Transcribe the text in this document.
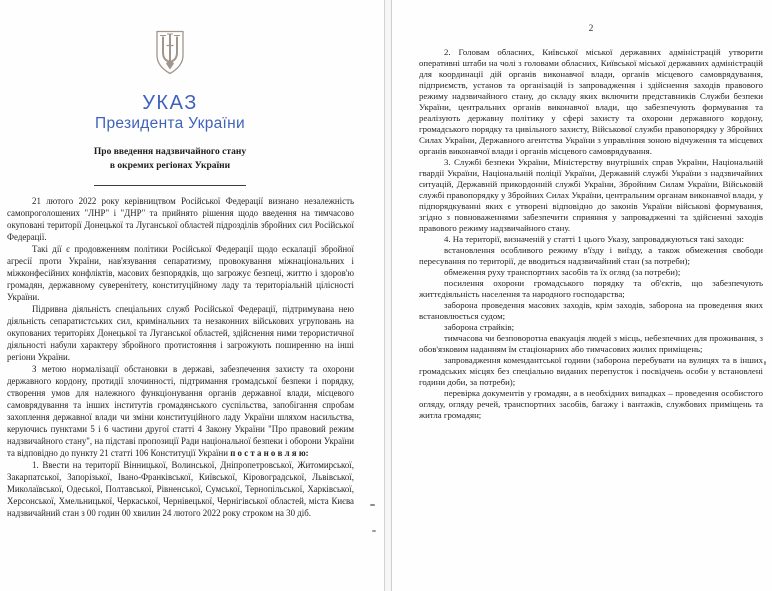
УКАЗ
Президента України
Про введення надзвичайного стану
в окремих регіонах України

21 лютого 2022 року керівництвом Російської Федерації визнано незалежність самопроголошених "ЛНР" і "ДНР" та прийнято рішення щодо введення на тимчасово окуповані території Донецької та Луганської областей підрозділів збройних сил Російської Федерації.

Такі дії є продовженням політики Російської Федерації щодо ескалації збройної агресії проти України, нав'язування сепаратизму, провокування міжнаціональних і міжконфесійних конфліктів, масових безпорядків, що загрожує безпеці, життю і здоров'ю громадян, державному суверенітету, конституційному ладу та територіальній цілісності України.

Підривна діяльність спеціальних служб Російської Федерації, підтримувана нею діяльність сепаратистських сил, кримінальних та незаконних військових угруповань на окупованих територіях Донецької та Луганської областей, здійснення ними терористичної діяльності набули характеру збройного протистояння і загрожують поширенню на інші регіони України.

З метою нормалізації обстановки в державі, забезпечення захисту та охорони державного кордону, протидії злочинності, підтримання громадської безпеки і порядку, створення умов для належного функціонування органів державної влади, місцевого самоврядування та інших інститутів громадянського суспільства, запобігання спробам захоплення державної влади чи зміни конституційного ладу України шляхом насильства, керуючись пунктами 5 і 6 частини другої статті 4 Закону України "Про правовий режим надзвичайного стану", на підставі пропозиції Ради національної безпеки і оборони України та відповідно до пункту 21 статті 106 Конституції України п о с т а н о в л я ю:

1. Ввести на території Вінницької, Волинської, Дніпропетровської, Житомирської, Закарпатської, Запорізької, Івано-Франківської, Київської, Кіровоградської, Львівської, Миколаївської, Одеської, Полтавської, Рівненської, Сумської, Тернопільської, Харківської, Херсонської, Хмельницької, Черкаської, Чернівецької, Чернігівської областей, міста Києва надзвичайний стан з 00 годин 00 хвилин 24 лютого 2022 року строком на 30 діб.

2

2. Головам обласних, Київської міської державних адміністрацій утворити оперативні штаби на чолі з головами обласних, Київської міської державних адміністрацій для координації дій органів виконавчої влади, органів місцевого самоврядування, підприємств, установ та організацій із запровадження і здійснення заходів правового режиму надзвичайного стану, до складу яких включити представників Служби безпеки України, центральних органів виконавчої влади, що забезпечують формування та реалізують державну політику у сфері захисту та охорони державного кордону, громадського порядку та цивільного захисту, Військової служби правопорядку у Збройних Силах України, Державного агентства України з управління зоною відчуження та місцевих органів виконавчої влади і органів місцевого самоврядування.

3. Службі безпеки України, Міністерству внутрішніх справ України, Національній гвардії України, Національній поліції України, Державній службі України з надзвичайних ситуацій, Державній прикордонній службі України, Збройним Силам України, Військовій службі правопорядку у Збройних Силах України, центральним органам виконавчої влади, у підпорядкуванні яких є утворені відповідно до законів України військові формування, згідно з повноваженнями забезпечити сприяння у запровадженні та здійсненні заходів правового режиму надзвичайного стану.

4. На території, визначеній у статті 1 цього Указу, запроваджуються такі заходи:

встановлення особливого режиму в'їзду і виїзду, а також обмеження свободи пересування по території, де вводиться надзвичайний стан (за потреби);

обмеження руху транспортних засобів та їх огляд (за потреби);

посилення охорони громадського порядку та об'єктів, що забезпечують життєдіяльність населення та народного господарства;

заборона проведення масових заходів, крім заходів, заборона на проведення яких встановлюється судом;

заборона страйків;

тимчасова чи безповоротна евакуація людей з місць, небезпечних для проживання, з обов'язковим наданням їм стаціонарних або тимчасових жилих приміщень;

запровадження комендантської години (заборона перебувати на вулицях та в інших громадських місцях без спеціально виданих перепусток і посвідчень особи у встановлені години доби, за потреби);

перевірка документів у громадян, а в необхідних випадках – проведення особистого огляду, огляду речей, транспортних засобів, багажу і вантажів, службових приміщень та житла громадян;
